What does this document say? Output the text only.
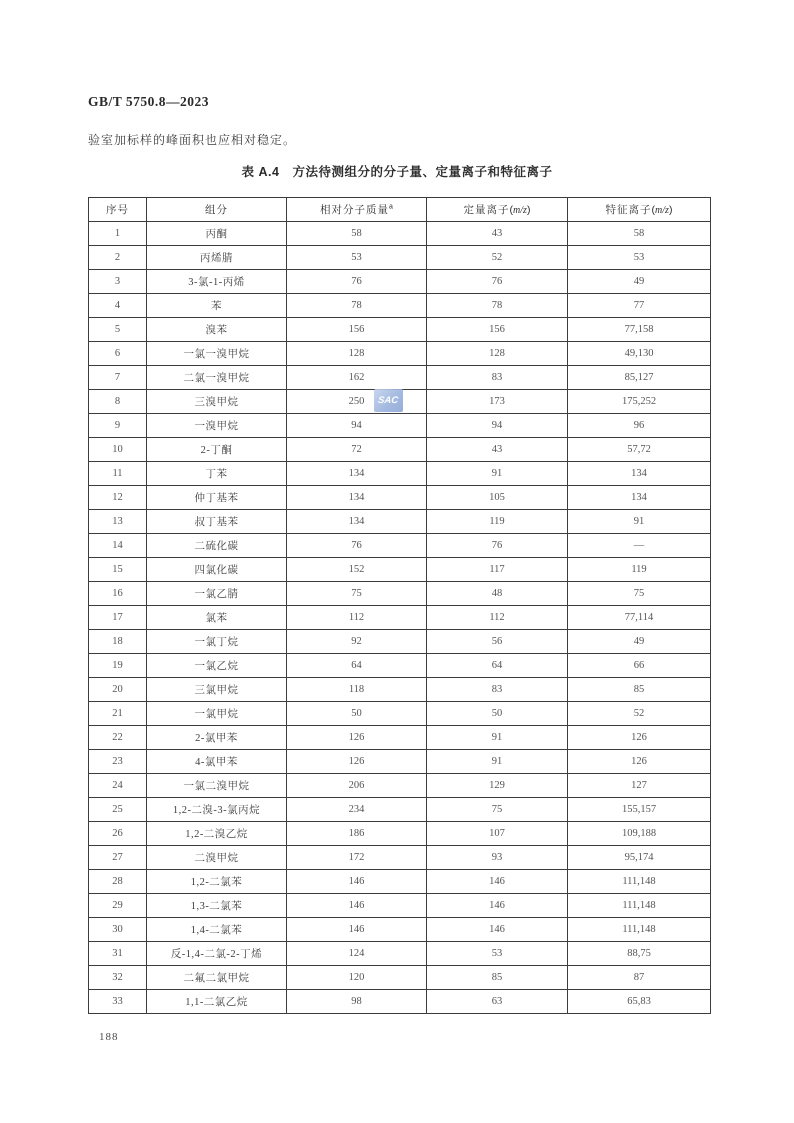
GB/T 5750.8—2023
验室加标样的峰面积也应相对稳定。
表 A.4　方法待测组分的分子量、定量离子和特征离子
序号	组分	相对分子质量$^a$	定量离子(m/z)	特征离子(m/z)
1	丙酮	58	43	58
2	丙烯腈	53	52	53
3	3-氯-1-丙烯	76	76	49
4	苯	78	78	77
5	溴苯	156	156	77,158
6	一氯一溴甲烷	128	128	49,130
7	二氯一溴甲烷	162	83	85,127
8	三溴甲烷	250	173	175,252
9	一溴甲烷	94	94	96
10	2-丁酮	72	43	57,72
11	丁苯	134	91	134
12	仲丁基苯	134	105	134
13	叔丁基苯	134	119	91
14	二硫化碳	76	76	—
15	四氯化碳	152	117	119
16	一氯乙腈	75	48	75
17	氯苯	112	112	77,114
18	一氯丁烷	92	56	49
19	一氯乙烷	64	64	66
20	三氯甲烷	118	83	85
21	一氯甲烷	50	50	52
22	2-氯甲苯	126	91	126
23	4-氯甲苯	126	91	126
24	一氯二溴甲烷	206	129	127
25	1,2-二溴-3-氯丙烷	234	75	155,157
26	1,2-二溴乙烷	186	107	109,188
27	二溴甲烷	172	93	95,174
28	1,2-二氯苯	146	146	111,148
29	1,3-二氯苯	146	146	111,148
30	1,4-二氯苯	146	146	111,148
31	反-1,4-二氯-2-丁烯	124	53	88,75
32	二氟二氯甲烷	120	85	87
33	1,1-二氯乙烷	98	63	65,83
SAC
188
